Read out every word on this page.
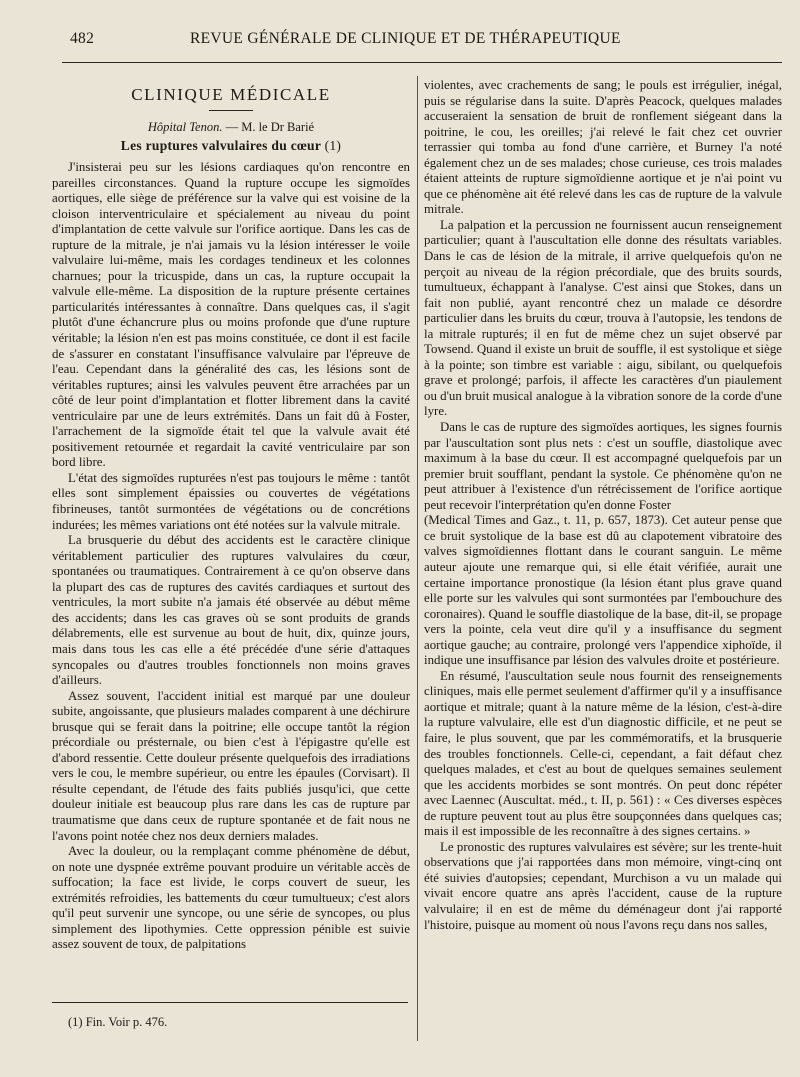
482	REVUE GÉNÉRALE DE CLINIQUE ET DE THÉRAPEUTIQUE
CLINIQUE MÉDICALE
Hôpital Tenon. — M. le Dr Barié
Les ruptures valvulaires du cœur (1)

J'insisterai peu sur les lésions cardiaques qu'on rencontre en pareilles circonstances. Quand la rupture occupe les sigmoïdes aortiques, elle siège de préférence sur la valve qui est voisine de la cloison interventriculaire et spécialement au niveau du point d'implantation de cette valvule sur l'orifice aortique. Dans les cas de rupture de la mitrale, je n'ai jamais vu la lésion intéresser le voile valvulaire lui-même, mais les cordages tendineux et les colonnes charnues; pour la tricuspide, dans un cas, la rupture occupait la valvule elle-même. La disposition de la rupture présente certaines particularités intéressantes à connaître. Dans quelques cas, il s'agit plutôt d'une échancrure plus ou moins profonde que d'une rupture véritable; la lésion n'en est pas moins constituée, ce dont il est facile de s'assurer en constatant l'insuffisance valvulaire par l'épreuve de l'eau. Cependant dans la généralité des cas, les lésions sont de véritables ruptures; ainsi les valvules peuvent être arrachées par un côté de leur point d'implantation et flotter librement dans la cavité ventriculaire par une de leurs extrémités. Dans un fait dû à Foster, l'arrachement de la sigmoïde était tel que la valvule avait été positivement retournée et regardait la cavité ventriculaire par son bord libre.

L'état des sigmoïdes rupturées n'est pas toujours le même : tantôt elles sont simplement épaissies ou couvertes de végétations fibrineuses, tantôt surmontées de végétations ou de concrétions indurées; les mêmes variations ont été notées sur la valvule mitrale.

La brusquerie du début des accidents est le caractère clinique véritablement particulier des ruptures valvulaires du cœur, spontanées ou traumatiques. Contrairement à ce qu'on observe dans la plupart des cas de ruptures des cavités cardiaques et surtout des ventricules, la mort subite n'a jamais été observée au début même des accidents; dans les cas graves où se sont produits de grands délabrements, elle est survenue au bout de huit, dix, quinze jours, mais dans tous les cas elle a été précédée d'une série d'attaques syncopales ou d'autres troubles fonctionnels non moins graves d'ailleurs.

Assez souvent, l'accident initial est marqué par une douleur subite, angoissante, que plusieurs malades comparent à une déchirure brusque qui se ferait dans la poitrine; elle occupe tantôt la région précordiale ou présternale, ou bien c'est à l'épigastre qu'elle est d'abord ressentie. Cette douleur présente quelquefois des irradiations vers le cou, le membre supérieur, ou entre les épaules (Corvisart). Il résulte cependant, de l'étude des faits publiés jusqu'ici, que cette douleur initiale est beaucoup plus rare dans les cas de rupture par traumatisme que dans ceux de rupture spontanée et de fait nous ne l'avons point notée chez nos deux derniers malades.

Avec la douleur, ou la remplaçant comme phénomène de début, on note une dyspnée extrême pouvant produire un véritable accès de suffocation; la face est livide, le corps couvert de sueur, les extrémités refroidies, les battements du cœur tumultueux; c'est alors qu'il peut survenir une syncope, ou une série de syncopes, ou plus simplement des lipothymies. Cette oppression pénible est suivie assez souvent de toux, de palpitations

violentes, avec crachements de sang; le pouls est irrégulier, inégal, puis se régularise dans la suite. D'après Peacock, quelques malades accuseraient la sensation de bruit de ronflement siégeant dans la poitrine, le cou, les oreilles; j'ai relevé le fait chez cet ouvrier terrassier qui tomba au fond d'une carrière, et Burney l'a noté également chez un de ses malades; chose curieuse, ces trois malades étaient atteints de rupture sigmoïdienne aortique et je n'ai point vu que ce phénomène ait été relevé dans les cas de rupture de la valvule mitrale.

La palpation et la percussion ne fournissent aucun renseignement particulier; quant à l'auscultation elle donne des résultats variables. Dans le cas de lésion de la mitrale, il arrive quelquefois qu'on ne perçoit au niveau de la région précordiale, que des bruits sourds, tumultueux, échappant à l'analyse. C'est ainsi que Stokes, dans un fait non publié, ayant rencontré chez un malade ce désordre particulier dans les bruits du cœur, trouva à l'autopsie, les tendons de la mitrale rupturés; il en fut de même chez un sujet observé par Towsend. Quand il existe un bruit de souffle, il est systolique et siège à la pointe; son timbre est variable : aigu, sibilant, ou quelquefois grave et prolongé; parfois, il affecte les caractères d'un piaulement ou d'un bruit musical analogue à la vibration sonore de la corde d'une lyre.

Dans le cas de rupture des sigmoïdes aortiques, les signes fournis par l'auscultation sont plus nets : c'est un souffle, diastolique avec maximum à la base du cœur. Il est accompagné quelquefois par un premier bruit soufflant, pendant la systole. Ce phénomène qu'on ne peut attribuer à l'existence d'un rétrécissement de l'orifice aortique peut recevoir l'interprétation qu'en donne Foster

(Medical Times and Gaz., t. 11, p. 657, 1873). Cet auteur pense que ce bruit systolique de la base est dû au clapotement vibratoire des valves sigmoïdiennes flottant dans le courant sanguin. Le même auteur ajoute une remarque qui, si elle était vérifiée, aurait une certaine importance pronostique (la lésion étant plus grave quand elle porte sur les valvules qui sont surmontées par l'embouchure des coronaires). Quand le souffle diastolique de la base, dit-il, se propage vers la pointe, cela veut dire qu'il y a insuffisance du segment aortique gauche; au contraire, prolongé vers l'appendice xiphoïde, il indique une insuffisance par lésion des valvules droite et postérieure.

En résumé, l'auscultation seule nous fournit des renseignements cliniques, mais elle permet seulement d'affirmer qu'il y a insuffisance aortique et mitrale; quant à la nature même de la lésion, c'est-à-dire la rupture valvulaire, elle est d'un diagnostic difficile, et ne peut se faire, le plus souvent, que par les commémoratifs, et la brusquerie des troubles fonctionnels. Celle-ci, cependant, a fait défaut chez quelques malades, et c'est au bout de quelques semaines seulement que les accidents morbides se sont montrés. On peut donc répéter avec Laennec (Auscultat. méd., t. II, p. 561) : « Ces diverses espèces de rupture peuvent tout au plus être soupçonnées dans quelques cas; mais il est impossible de les reconnaître à des signes certains. »

Le pronostic des ruptures valvulaires est sévère; sur les trente-huit observations que j'ai rapportées dans mon mémoire, vingt-cinq ont été suivies d'autopsies; cependant, Murchison a vu un malade qui vivait encore quatre ans après l'accident, cause de la rupture valvulaire; il en est de même du déménageur dont j'ai rapporté l'histoire, puisque au moment où nous l'avons reçu dans nos salles,

(1) Fin. Voir p. 476.
